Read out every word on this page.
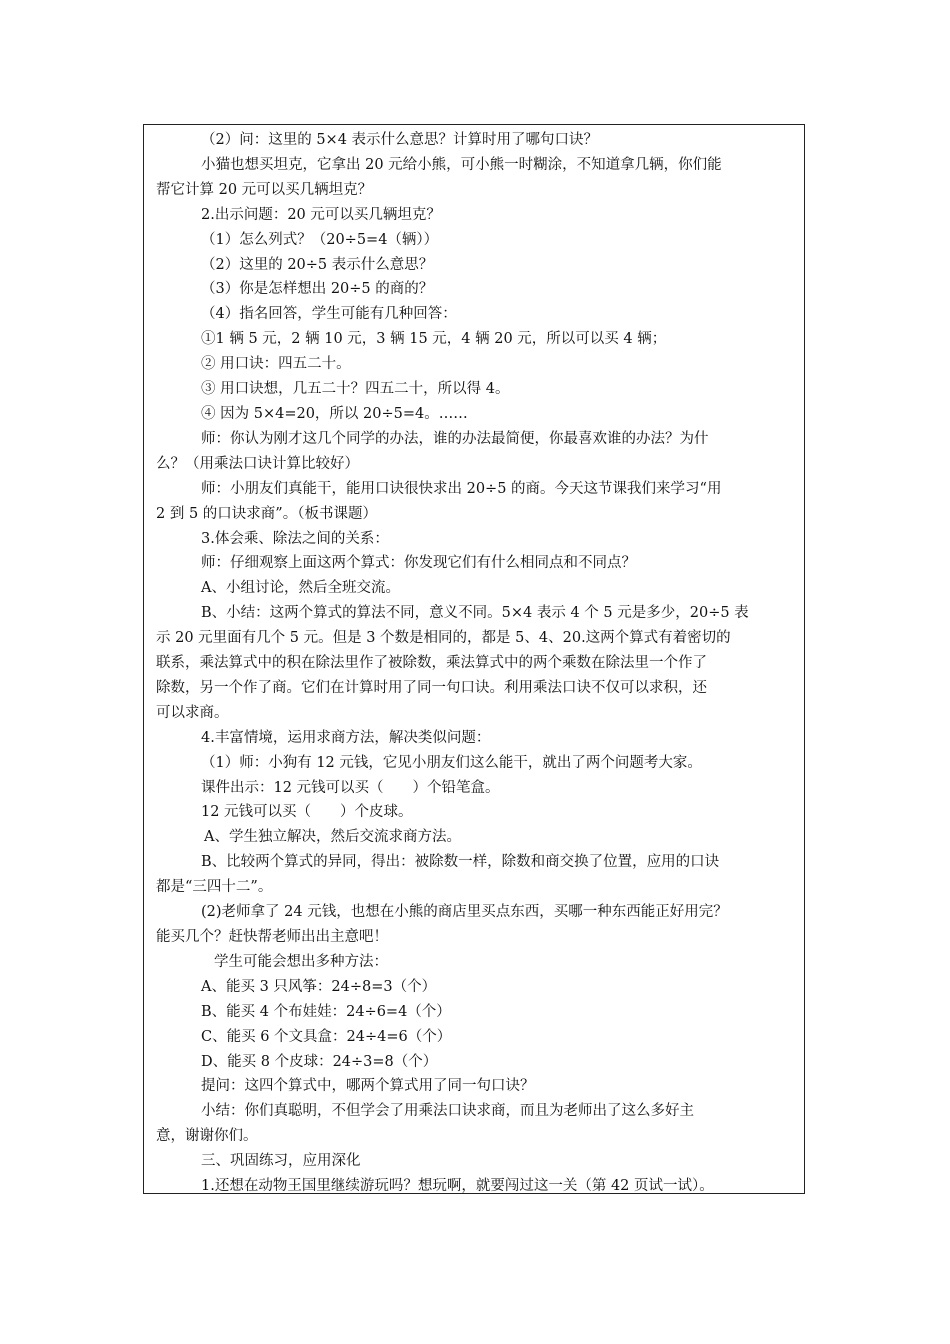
（2）问：这里的 5×4 表示什么意思？计算时用了哪句口诀？

小猫也想买坦克，它拿出 20 元给小熊，可小熊一时糊涂，不知道拿几辆，你们能

帮它计算 20 元可以买几辆坦克？

2.出示问题：20 元可以买几辆坦克？

（1）怎么列式？（20÷5=4（辆））

（2）这里的 20÷5 表示什么意思？

（3）你是怎样想出 20÷5 的商的？

（4）指名回答，学生可能有几种回答：

①1 辆 5 元，2 辆 10 元，3 辆 15 元，4 辆 20 元，所以可以买 4 辆；

② 用口诀：四五二十。

③ 用口诀想，几五二十？四五二十，所以得 4。

④ 因为 5×4=20，所以 20÷5=4。……

师：你认为刚才这几个同学的办法，谁的办法最简便，你最喜欢谁的办法？为什

么？（用乘法口诀计算比较好）

师：小朋友们真能干，能用口诀很快求出 20÷5 的商。今天这节课我们来学习“用

2 到 5 的口诀求商”。（板书课题）

3.体会乘、除法之间的关系：

师：仔细观察上面这两个算式：你发现它们有什么相同点和不同点？

A、小组讨论，然后全班交流。

B、小结：这两个算式的算法不同，意义不同。5×4 表示 4 个 5 元是多少，20÷5 表

示 20 元里面有几个 5 元。但是 3 个数是相同的，都是 5、4、20.这两个算式有着密切的

联系，乘法算式中的积在除法里作了被除数，乘法算式中的两个乘数在除法里一个作了

除数，另一个作了商。它们在计算时用了同一句口诀。利用乘法口诀不仅可以求积，还

可以求商。

4.丰富情境，运用求商方法，解决类似问题：

（1）师：小狗有 12 元钱，它见小朋友们这么能干，就出了两个问题考大家。

课件出示：12 元钱可以买（　　）个铅笔盒。

12 元钱可以买（　　）个皮球。

A、学生独立解决，然后交流求商方法。

B、比较两个算式的异同，得出：被除数一样，除数和商交换了位置，应用的口诀

都是“三四十二”。

(2)老师拿了 24 元钱，也想在小熊的商店里买点东西，买哪一种东西能正好用完？

能买几个？赶快帮老师出出主意吧！

学生可能会想出多种方法：

A、能买 3 只风筝：24÷8=3（个）

B、能买 4 个布娃娃：24÷6=4（个）

C、能买 6 个文具盒：24÷4=6（个）

D、能买 8 个皮球：24÷3=8（个）

提问：这四个算式中，哪两个算式用了同一句口诀？

小结：你们真聪明，不但学会了用乘法口诀求商，而且为老师出了这么多好主

意，谢谢你们。

三、巩固练习，应用深化

1.还想在动物王国里继续游玩吗？想玩啊，就要闯过这一关（第 42 页试一试）。
